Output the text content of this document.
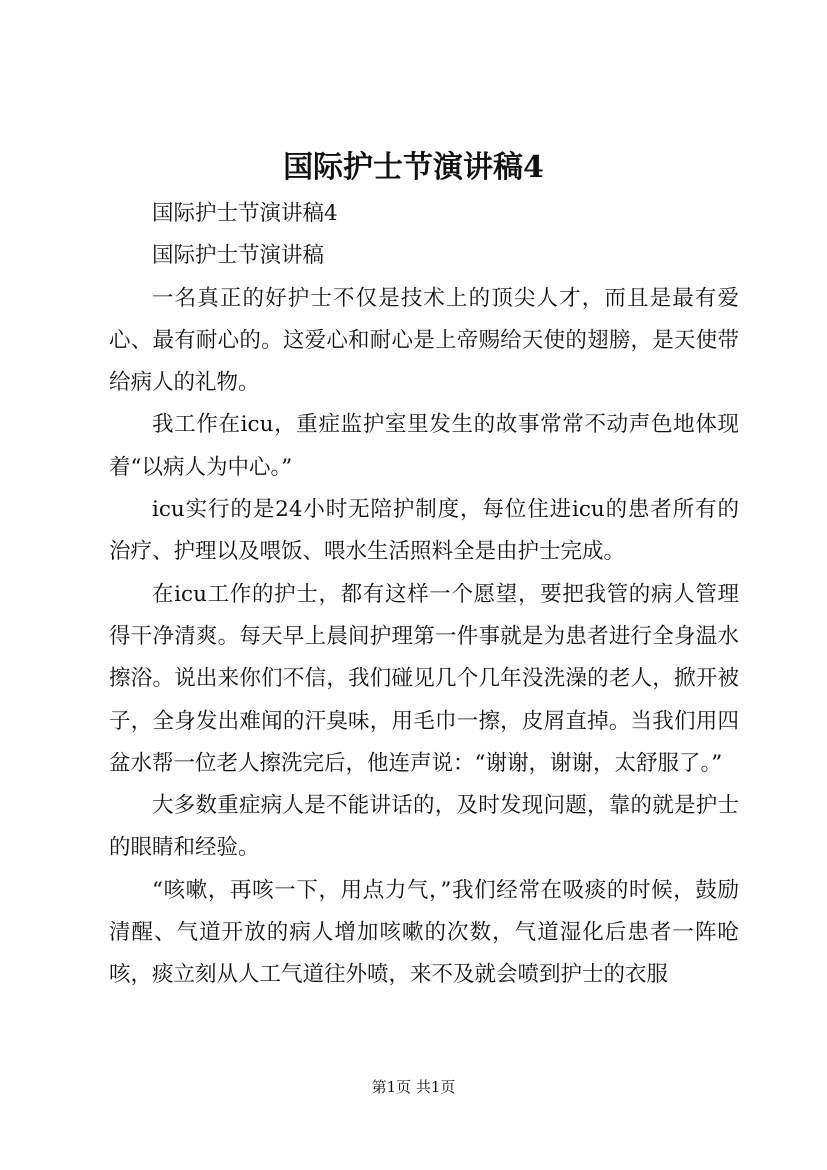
国际护士节演讲稿4

国际护士节演讲稿4

国际护士节演讲稿

一名真正的好护士不仅是技术上的顶尖人才，而且是最有爱心、最有耐心的。这爱心和耐心是上帝赐给天使的翅膀，是天使带给病人的礼物。

我工作在icu，重症监护室里发生的故事常常不动声色地体现着“以病人为中心。”

icu实行的是24小时无陪护制度，每位住进icu的患者所有的治疗、护理以及喂饭、喂水生活照料全是由护士完成。

在icu工作的护士，都有这样一个愿望，要把我管的病人管理得干净清爽。每天早上晨间护理第一件事就是为患者进行全身温水擦浴。说出来你们不信，我们碰见几个几年没洗澡的老人，掀开被子，全身发出难闻的汗臭味，用毛巾一擦，皮屑直掉。当我们用四盆水帮一位老人擦洗完后，他连声说：“谢谢，谢谢，太舒服了。”

大多数重症病人是不能讲话的，及时发现问题，靠的就是护士的眼睛和经验。

“咳嗽，再咳一下，用点力气，”我们经常在吸痰的时候，鼓励清醒、气道开放的病人增加咳嗽的次数，气道湿化后患者一阵呛咳，痰立刻从人工气道往外喷，来不及就会喷到护士的衣服

第1页 共1页
